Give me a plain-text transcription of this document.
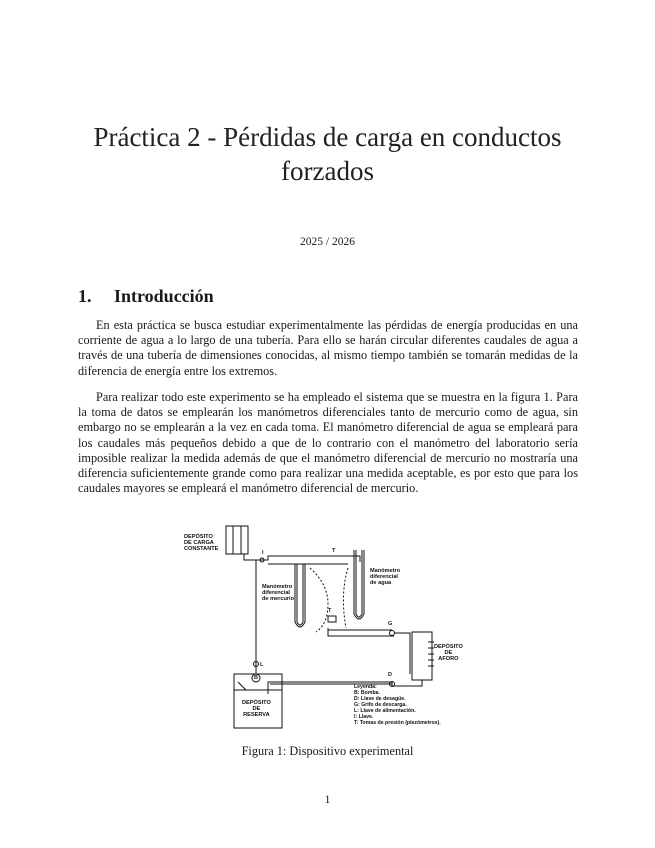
Práctica 2 - Pérdidas de carga en conductos forzados
2025 / 2026
1. Introducción

En esta práctica se busca estudiar experimentalmente las pérdidas de energía producidas en una corriente de agua a lo largo de una tubería. Para ello se harán circular diferentes caudales de agua a través de una tubería de dimensiones conocidas, al mismo tiempo también se tomarán medidas de la diferencia de energía entre los extremos.

Para realizar todo este experimento se ha empleado el sistema que se muestra en la figura 1. Para la toma de datos se emplearán los manómetros diferenciales tanto de mercurio como de agua, sin embargo no se emplearán a la vez en cada toma. El manómetro diferencial de agua se empleará para los caudales más pequeños debido a que de lo contrario con el manómetro del laboratorio sería imposible realizar la medida además de que el manómetro diferencial de mercurio no mostraría una diferencia suficientemente grande como para realizar una medida aceptable, es por esto que para los caudales mayores se empleará el manómetro diferencial de mercurio.

DEPÓSITO
DE CARGA
CONSTANTE
Manómetro
diferencial
de mercurio
Manómetro
diferencial
de agua
DEPÓSITO
DE
AFORO
DEPÓSITO
DE
RESERVA
Leyenda:
B: Bomba.
D: Llave de desagüe.
G: Grifo de descarga.
L: Llave de alimentación.
I: Llave.
T: Tomas de presión (piezómetros).
I	T
T
L
B
G
D
Figura 1: Dispositivo experimental
1
